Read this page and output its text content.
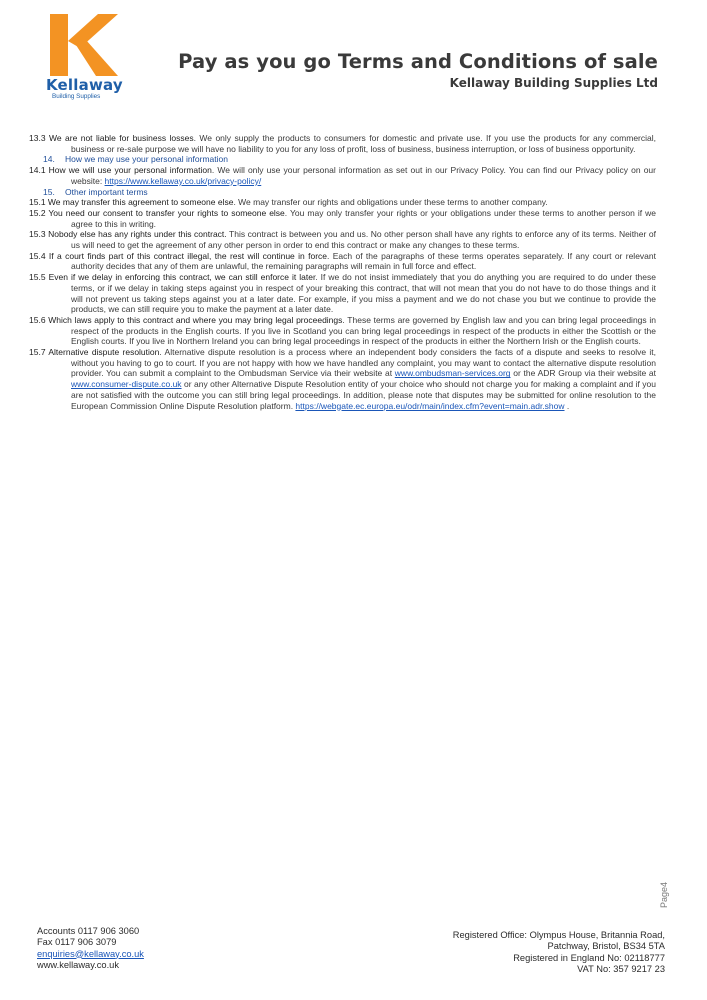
Kellaway
Building Supplies
Pay as you go Terms and Conditions of sale
Kellaway Building Supplies Ltd

13.3 We are not liable for business losses. We only supply the products to consumers for domestic and private use. If you use the products for any commercial, business or re-sale purpose we will have no liability to you for any loss of profit, loss of business, business interruption, or loss of business opportunity.

14. How we may use your personal information

14.1 How we will use your personal information. We will only use your personal information as set out in our Privacy Policy. You can find our Privacy policy on our website: https://www.kellaway.co.uk/privacy-policy/

15. Other important terms

15.1 We may transfer this agreement to someone else. We may transfer our rights and obligations under these terms to another company.

15.2 You need our consent to transfer your rights to someone else. You may only transfer your rights or your obligations under these terms to another person if we agree to this in writing.

15.3 Nobody else has any rights under this contract. This contract is between you and us. No other person shall have any rights to enforce any of its terms. Neither of us will need to get the agreement of any other person in order to end this contract or make any changes to these terms.

15.4 If a court finds part of this contract illegal, the rest will continue in force. Each of the paragraphs of these terms operates separately. If any court or relevant authority decides that any of them are unlawful, the remaining paragraphs will remain in full force and effect.

15.5 Even if we delay in enforcing this contract, we can still enforce it later. If we do not insist immediately that you do anything you are required to do under these terms, or if we delay in taking steps against you in respect of your breaking this contract, that will not mean that you do not have to do those things and it will not prevent us taking steps against you at a later date. For example, if you miss a payment and we do not chase you but we continue to provide the products, we can still require you to make the payment at a later date.

15.6 Which laws apply to this contract and where you may bring legal proceedings. These terms are governed by English law and you can bring legal proceedings in respect of the products in the English courts. If you live in Scotland you can bring legal proceedings in respect of the products in either the Scottish or the English courts. If you live in Northern Ireland you can bring legal proceedings in respect of the products in either the Northern Irish or the English courts.

15.7 Alternative dispute resolution. Alternative dispute resolution is a process where an independent body considers the facts of a dispute and seeks to resolve it, without you having to go to court. If you are not happy with how we have handled any complaint, you may want to contact the alternative dispute resolution provider. You can submit a complaint to the Ombudsman Service via their website at www.ombudsman-services.org or the ADR Group via their website at www.consumer-dispute.co.uk or any other Alternative Dispute Resolution entity of your choice who should not charge you for making a complaint and if you are not satisfied with the outcome you can still bring legal proceedings. In addition, please note that disputes may be submitted for online resolution to the European Commission Online Dispute Resolution platform. https://webgate.ec.europa.eu/odr/main/index.cfm?event=main.adr.show .

Page4
Accounts 0117 906 3060
Fax 0117 906 3079
enquiries@kellaway.co.uk
www.kellaway.co.uk
Registered Office: Olympus House, Britannia Road,
Patchway, Bristol, BS34 5TA
Registered in England No: 02118777
VAT No: 357 9217 23
